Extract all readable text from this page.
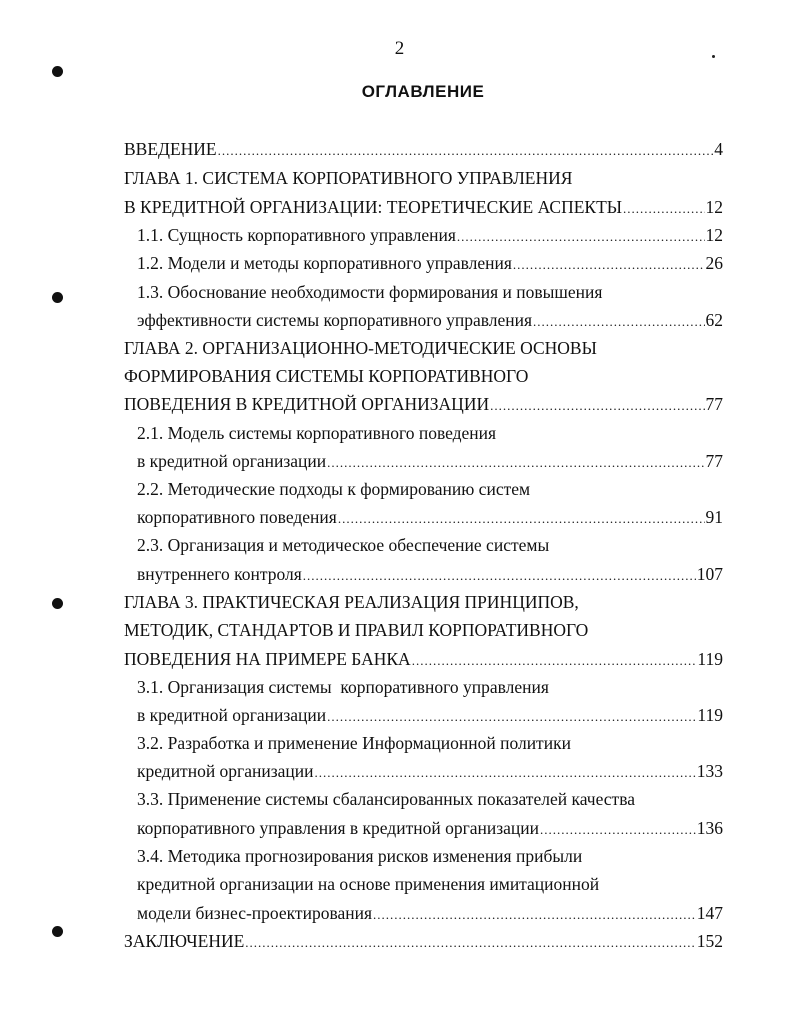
2
ОГЛАВЛЕНИЕ
ВВЕДЕНИЕ .....	4
ГЛАВА 1. СИСТЕМА КОРПОРАТИВНОГО УПРАВЛЕНИЯ
В КРЕДИТНОЙ ОРГАНИЗАЦИИ: ТЕОРЕТИЧЕСКИЕ АСПЕКТЫ .....	12
1.1. Сущность корпоративного управления .....	12
1.2. Модели и методы корпоративного управления .....	26
1.3. Обоснование необходимости формирования и повышения
эффективности системы корпоративного управления .....	62
ГЛАВА 2. ОРГАНИЗАЦИОННО-МЕТОДИЧЕСКИЕ ОСНОВЫ
ФОРМИРОВАНИЯ СИСТЕМЫ КОРПОРАТИВНОГО
ПОВЕДЕНИЯ В КРЕДИТНОЙ ОРГАНИЗАЦИИ .....	77
2.1. Модель системы корпоративного поведения
в кредитной организации .....	77
2.2. Методические подходы к формированию систем
корпоративного поведения .....	91
2.3. Организация и методическое обеспечение системы
внутреннего контроля .....	107
ГЛАВА 3. ПРАКТИЧЕСКАЯ РЕАЛИЗАЦИЯ ПРИНЦИПОВ,
МЕТОДИК, СТАНДАРТОВ И ПРАВИЛ КОРПОРАТИВНОГО
ПОВЕДЕНИЯ НА ПРИМЕРЕ БАНКА .....	119
3.1. Организация системы  корпоративного управления
в кредитной организации .....	119
3.2. Разработка и применение Информационной политики
кредитной организации .....	133
3.3. Применение системы сбалансированных показателей качества
корпоративного управления в кредитной организации .....	136
3.4. Методика прогнозирования рисков изменения прибыли
кредитной организации на основе применения имитационной
модели бизнес-проектирования .....	147
ЗАКЛЮЧЕНИЕ .....	152
